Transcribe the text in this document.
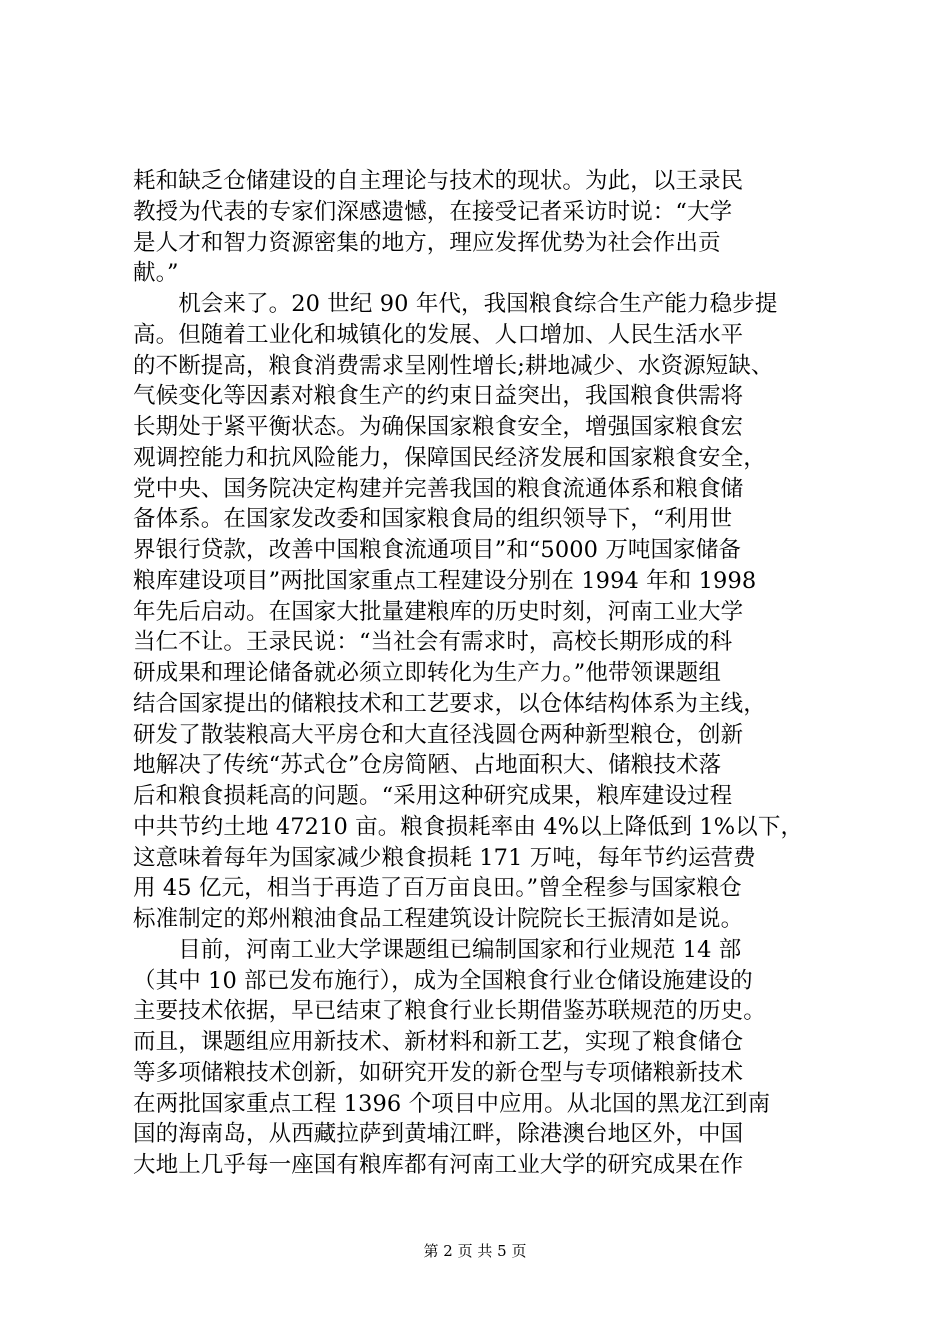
耗和缺乏仓储建设的自主理论与技术的现状。为此，以王录民
教授为代表的专家们深感遗憾，在接受记者采访时说：“大学
是人才和智力资源密集的地方，理应发挥优势为社会作出贡
献。”
　　机会来了。20 世纪 90 年代，我国粮食综合生产能力稳步提
高。但随着工业化和城镇化的发展、人口增加、人民生活水平
的不断提高，粮食消费需求呈刚性增长;耕地减少、水资源短缺、
气候变化等因素对粮食生产的约束日益突出，我国粮食供需将
长期处于紧平衡状态。为确保国家粮食安全，增强国家粮食宏
观调控能力和抗风险能力，保障国民经济发展和国家粮食安全，
党中央、国务院决定构建并完善我国的粮食流通体系和粮食储
备体系。在国家发改委和国家粮食局的组织领导下，“利用世
界银行贷款，改善中国粮食流通项目”和“5000 万吨国家储备
粮库建设项目”两批国家重点工程建设分别在 1994 年和 1998
年先后启动。在国家大批量建粮库的历史时刻，河南工业大学
当仁不让。王录民说：“当社会有需求时，高校长期形成的科
研成果和理论储备就必须立即转化为生产力。”他带领课题组
结合国家提出的储粮技术和工艺要求，以仓体结构体系为主线，
研发了散装粮高大平房仓和大直径浅圆仓两种新型粮仓，创新
地解决了传统“苏式仓”仓房简陋、占地面积大、储粮技术落
后和粮食损耗高的问题。“采用这种研究成果，粮库建设过程
中共节约土地 47210 亩。粮食损耗率由 4%以上降低到 1%以下，
这意味着每年为国家减少粮食损耗 171 万吨，每年节约运营费
用 45 亿元，相当于再造了百万亩良田。”曾全程参与国家粮仓
标准制定的郑州粮油食品工程建筑设计院院长王振清如是说。
　　目前，河南工业大学课题组已编制国家和行业规范 14 部
（其中 10 部已发布施行），成为全国粮食行业仓储设施建设的
主要技术依据，早已结束了粮食行业长期借鉴苏联规范的历史。
而且，课题组应用新技术、新材料和新工艺，实现了粮食储仓
等多项储粮技术创新，如研究开发的新仓型与专项储粮新技术
在两批国家重点工程 1396 个项目中应用。从北国的黑龙江到南
国的海南岛，从西藏拉萨到黄埔江畔，除港澳台地区外，中国
大地上几乎每一座国有粮库都有河南工业大学的研究成果在作
第 2 页 共 5 页
